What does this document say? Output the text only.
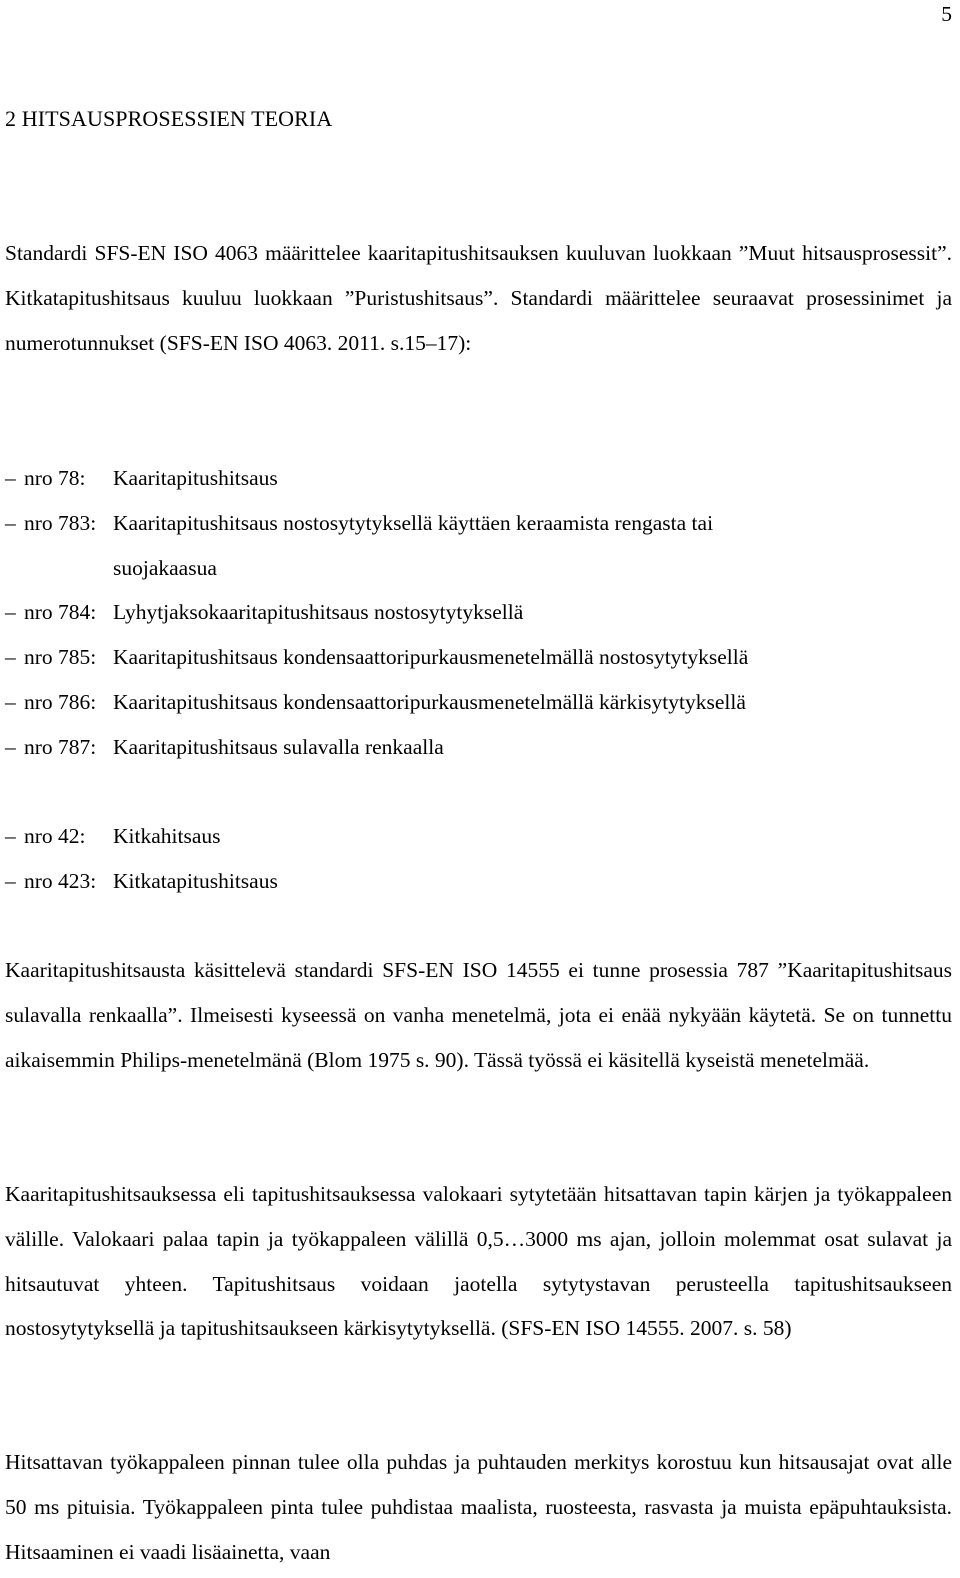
5
2 HITSAUSPROSESSIEN TEORIA
Standardi SFS-EN ISO 4063 määrittelee kaaritapitushitsauksen kuuluvan luokkaan ”Muut hitsausprosessit”. Kitkatapitushitsaus kuuluu luokkaan ”Puristushitsaus”. Standardi määrittelee seuraavat prosessinimet ja numerotunnukset (SFS-EN ISO 4063. 2011. s.15–17):
– nro 78: Kaaritapitushitsaus
– nro 783: Kaaritapitushitsaus nostosytytyksellä käyttäen keraamista rengasta tai
suojakaasua
– nro 784: Lyhytjaksokaaritapitushitsaus nostosytytyksellä
– nro 785: Kaaritapitushitsaus kondensaattoripurkausmenetelmällä nostosytytyksellä
– nro 786: Kaaritapitushitsaus kondensaattoripurkausmenetelmällä kärkisytytyksellä
– nro 787: Kaaritapitushitsaus sulavalla renkaalla
– nro 42: Kitkahitsaus
– nro 423: Kitkatapitushitsaus
Kaaritapitushitsausta käsittelevä standardi SFS-EN ISO 14555 ei tunne prosessia 787 ”Kaaritapitushitsaus sulavalla renkaalla”. Ilmeisesti kyseessä on vanha menetelmä, jota ei enää nykyään käytetä. Se on tunnettu aikaisemmin Philips-menetelmänä (Blom 1975 s. 90). Tässä työssä ei käsitellä kyseistä menetelmää.
Kaaritapitushitsauksessa eli tapitushitsauksessa valokaari sytytetään hitsattavan tapin kärjen ja työkappaleen välille. Valokaari palaa tapin ja työkappaleen välillä 0,5…3000 ms ajan, jolloin molemmat osat sulavat ja hitsautuvat yhteen. Tapitushitsaus voidaan jaotella sytytystavan perusteella tapitushitsaukseen nostosytytyksellä ja tapitushitsaukseen kärkisytytyksellä. (SFS-EN ISO 14555. 2007. s. 58)
Hitsattavan työkappaleen pinnan tulee olla puhdas ja puhtauden merkitys korostuu kun hitsausajat ovat alle 50 ms pituisia. Työkappaleen pinta tulee puhdistaa maalista, ruosteesta, rasvasta ja muista epäpuhtauksista. Hitsaaminen ei vaadi lisäainetta, vaan
